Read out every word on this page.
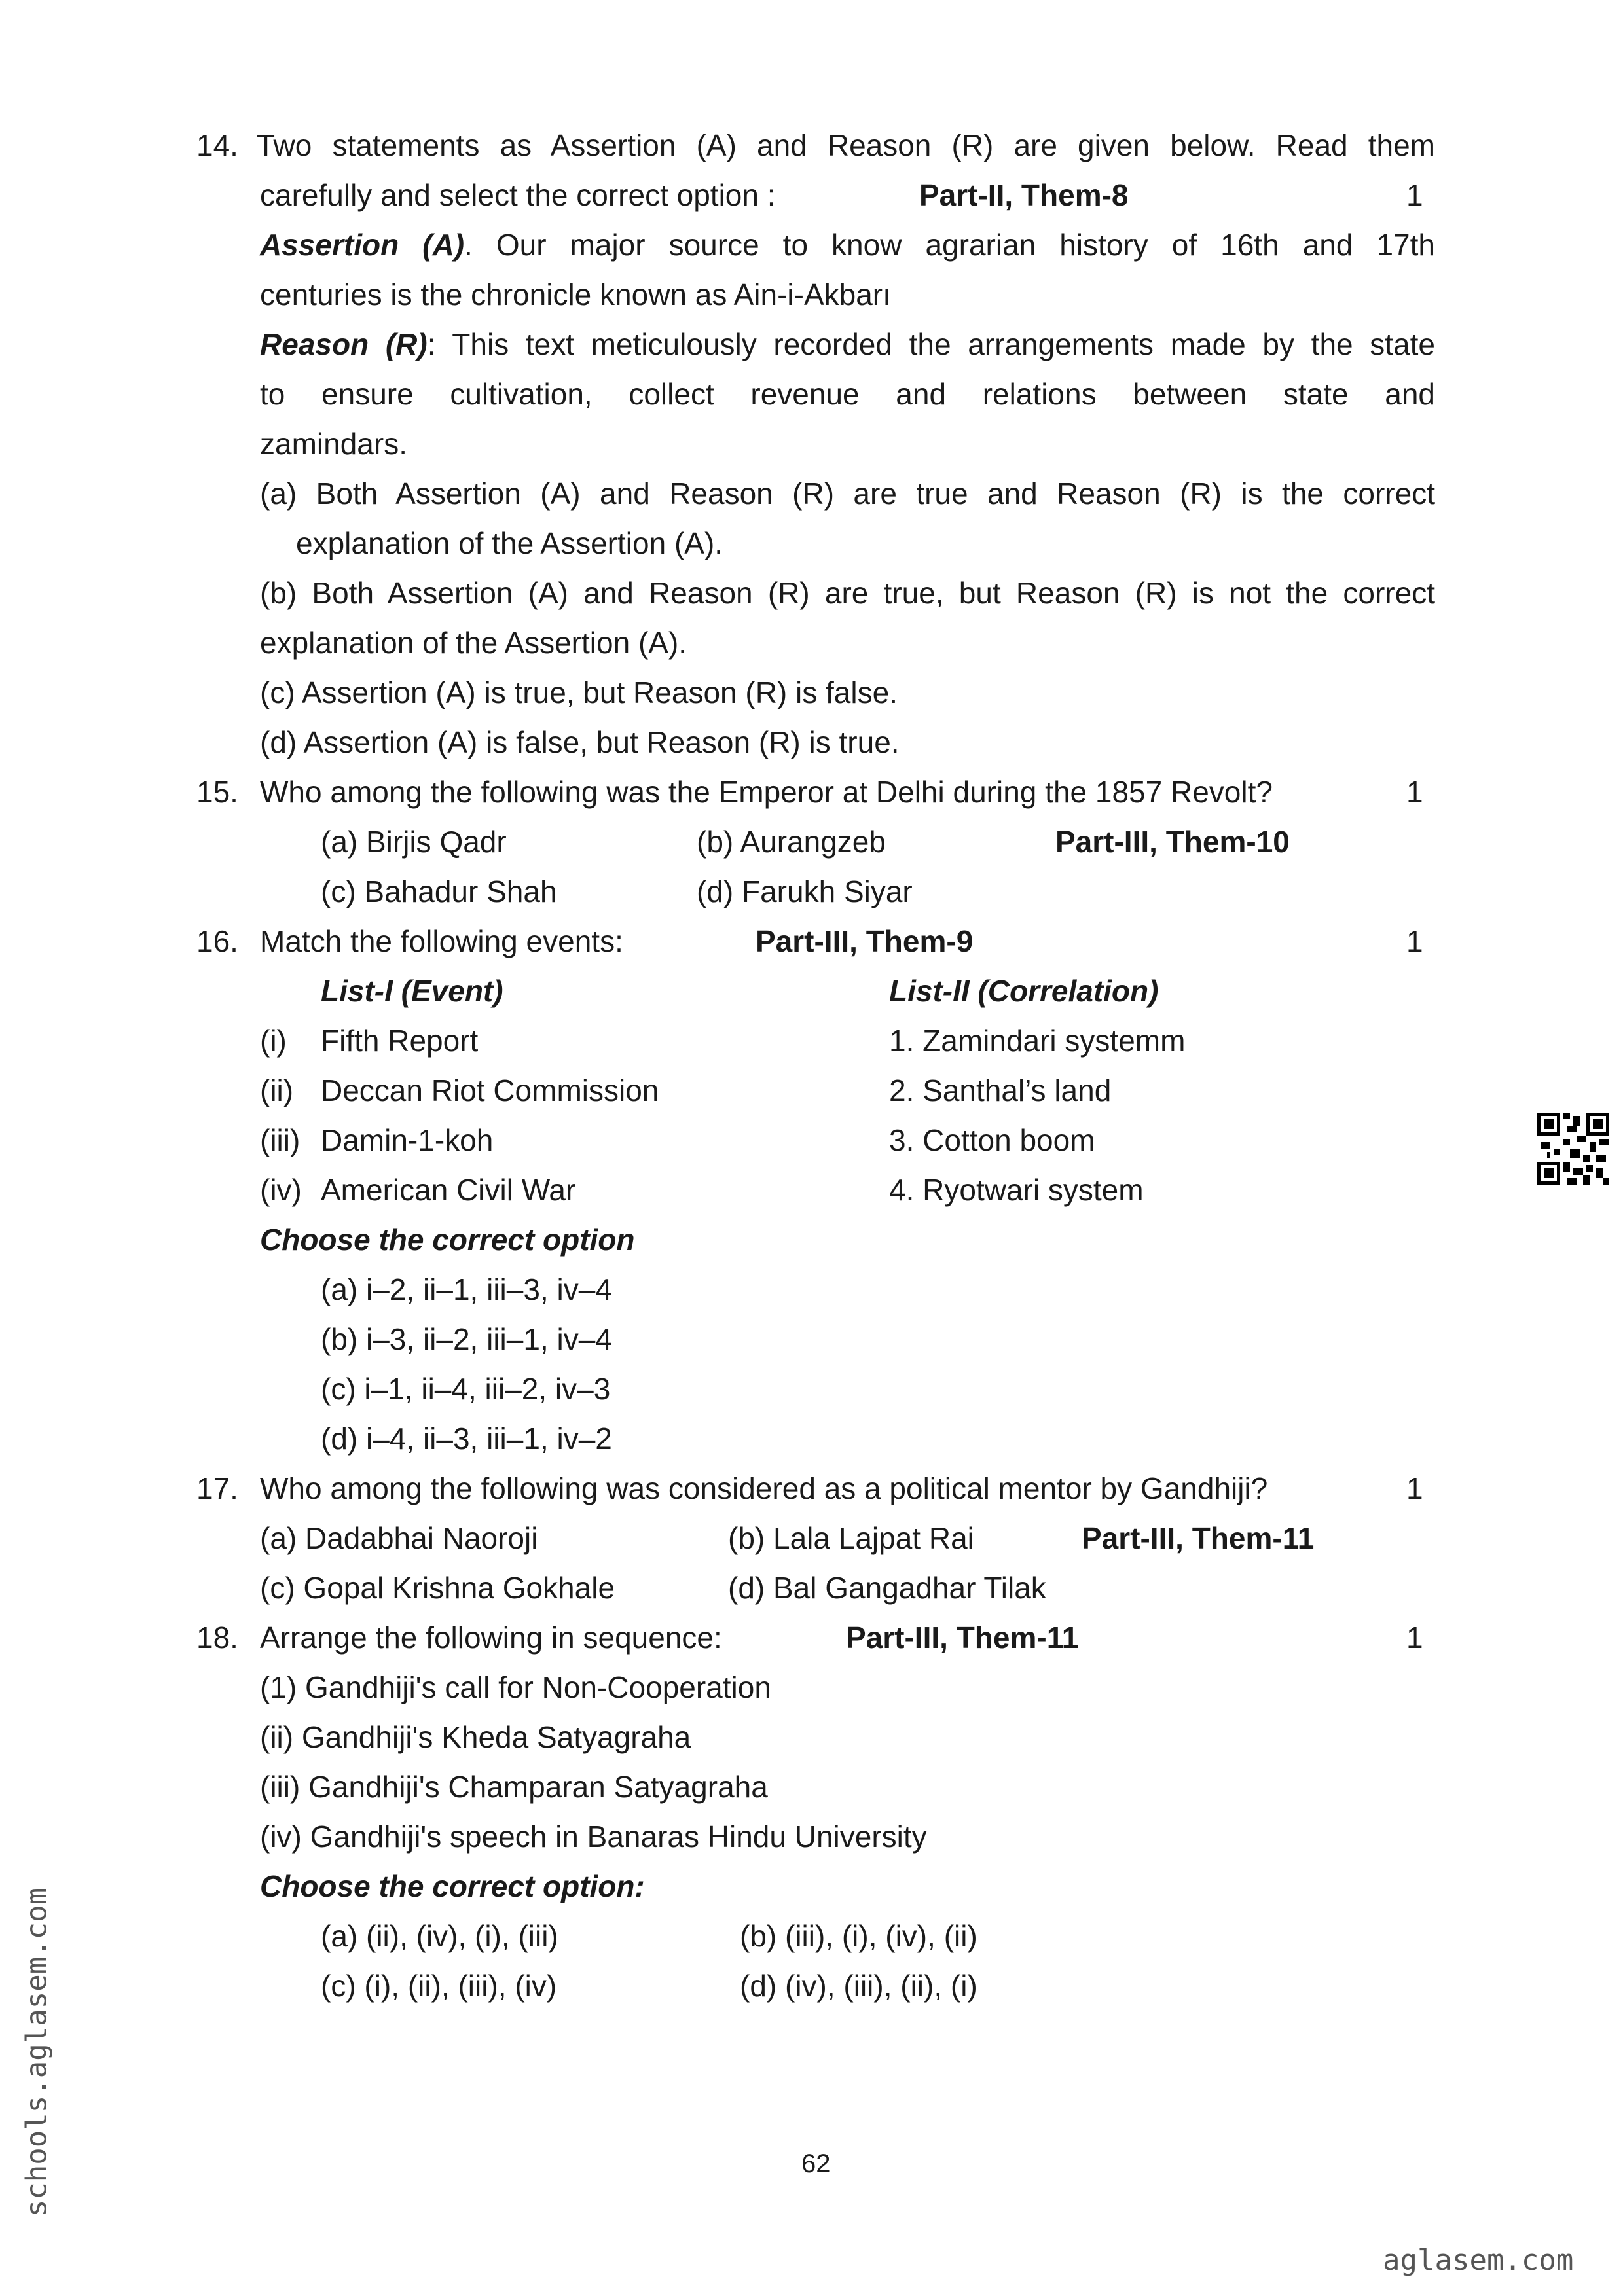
14. Two statements as Assertion (A) and Reason (R) are given below. Read them
carefully and select the correct option :	Part-II, Them-8	1
Assertion (A). Our major source to know agrarian history of 16th and 17th
centuries is the chronicle known as Ain-i-Akbarı
Reason (R): This text meticulously recorded the arrangements made by the state
to ensure cultivation, collect revenue and relations between state and
zamindars.
(a) Both Assertion (A) and Reason (R) are true and Reason (R) is the correct
explanation of the Assertion (A).
(b) Both Assertion (A) and Reason (R) are true, but Reason (R) is not the correct
explanation of the Assertion (A).
(c) Assertion (A) is true, but Reason (R) is false.
(d) Assertion (A) is false, but Reason (R) is true.
15. Who among the following was the Emperor at Delhi during the 1857 Revolt?	1
(a) Birjis Qadr	(b) Aurangzeb	Part-III, Them-10
(c) Bahadur Shah	(d) Farukh Siyar
16. Match the following events:	Part-III, Them-9	1
List-I (Event)	List-II (Correlation)
(i) Fifth Report	1. Zamindari systemm
(ii) Deccan Riot Commission	2. Santhal’s land
(iii) Damin-1-koh	3. Cotton boom
(iv) American Civil War	4. Ryotwari system
Choose the correct option
(a) i–2, ii–1, iii–3, iv–4
(b) i–3, ii–2, iii–1, iv–4
(c) i–1, ii–4, iii–2, iv–3
(d) i–4, ii–3, iii–1, iv–2
17. Who among the following was considered as a political mentor by Gandhiji?	1
(a) Dadabhai Naoroji	(b) Lala Lajpat Rai	Part-III, Them-11
(c) Gopal Krishna Gokhale	(d) Bal Gangadhar Tilak
18. Arrange the following in sequence:	Part-III, Them-11	1
(1) Gandhiji's call for Non-Cooperation
(ii) Gandhiji's Kheda Satyagraha
(iii) Gandhiji's Champaran Satyagraha
(iv) Gandhiji's speech in Banaras Hindu University
Choose the correct option:
(a) (ii), (iv), (i), (iii)	(b) (iii), (i), (iv), (ii)
(c) (i), (ii), (iii), (iv)	(d) (iv), (iii), (ii), (i)
62
schools.aglasem.com
aglasem.com
